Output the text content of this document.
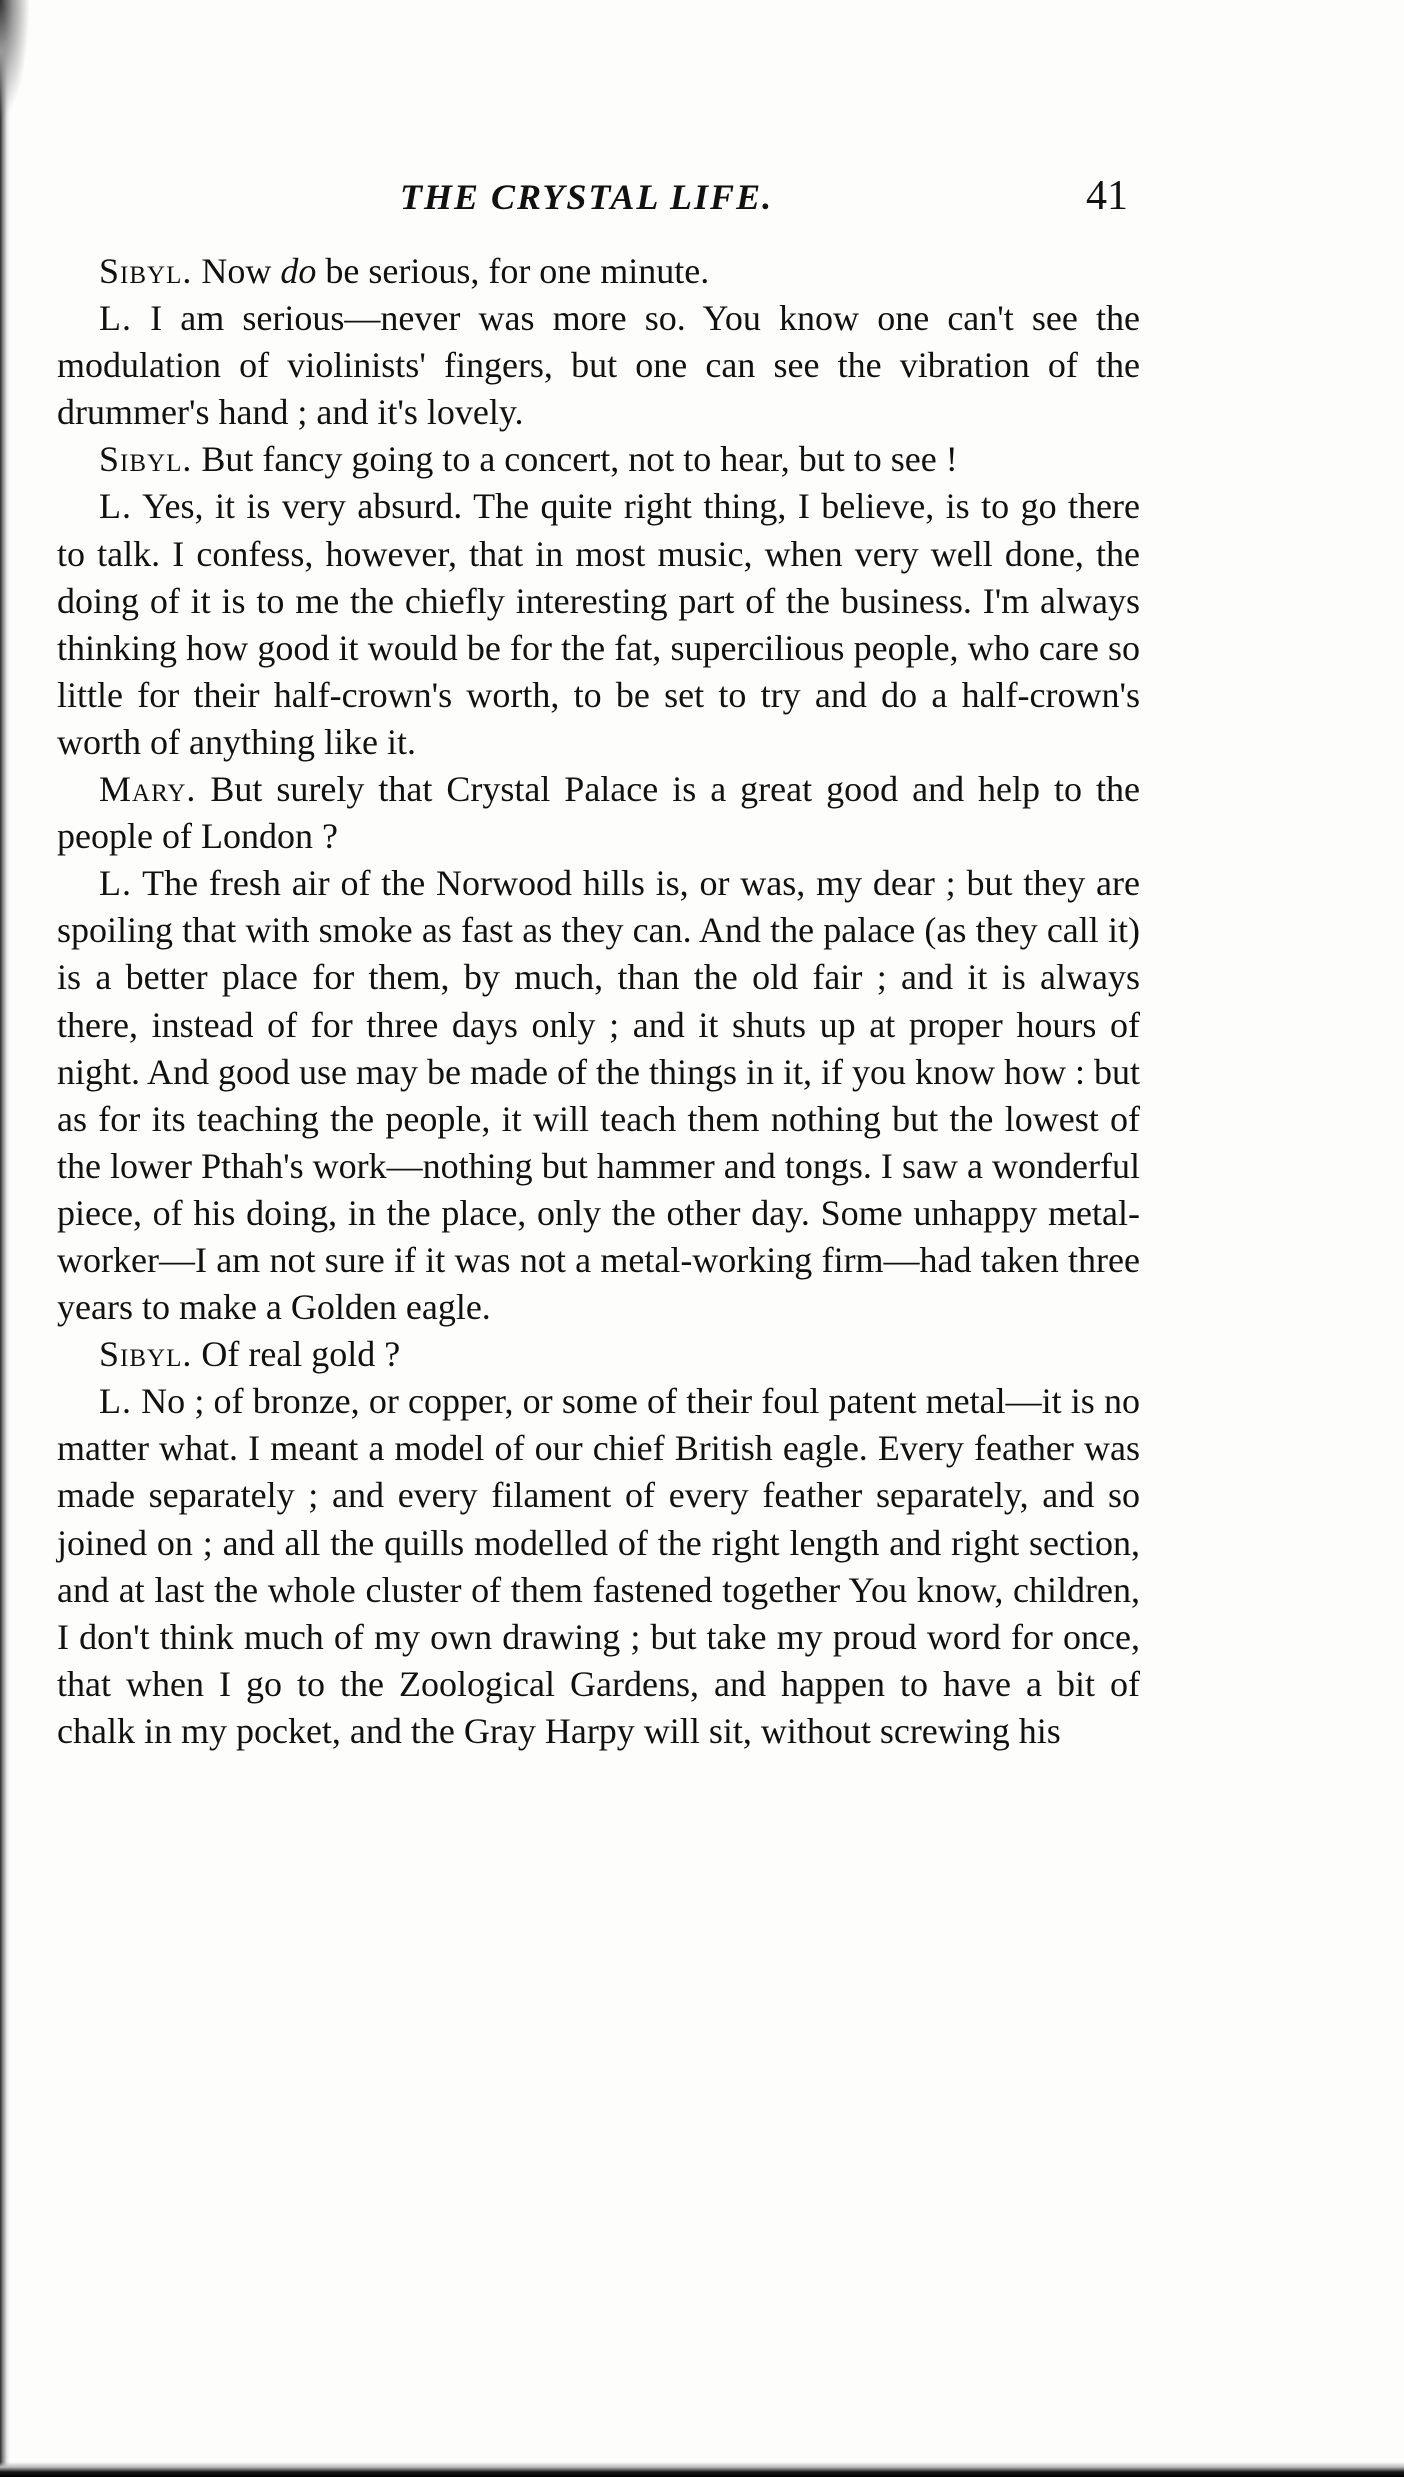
THE CRYSTAL LIFE.	41

Sibyl. Now do be serious, for one minute.

L. I am serious—never was more so. You know one can't see the modulation of violinists' fingers, but one can see the vibration of the drummer's hand ; and it's lovely.

Sibyl. But fancy going to a concert, not to hear, but to see !

L. Yes, it is very absurd. The quite right thing, I believe, is to go there to talk. I confess, however, that in most music, when very well done, the doing of it is to me the chiefly interesting part of the business. I'm always thinking how good it would be for the fat, supercilious people, who care so little for their half-crown's worth, to be set to try and do a half-crown's worth of anything like it.

Mary. But surely that Crystal Palace is a great good and help to the people of London ?

L. The fresh air of the Norwood hills is, or was, my dear ; but they are spoiling that with smoke as fast as they can. And the palace (as they call it) is a better place for them, by much, than the old fair ; and it is always there, instead of for three days only ; and it shuts up at proper hours of night. And good use may be made of the things in it, if you know how : but as for its teaching the people, it will teach them nothing but the lowest of the lower Pthah's work—nothing but hammer and tongs. I saw a wonderful piece, of his doing, in the place, only the other day. Some unhappy metal-worker—I am not sure if it was not a metal-working firm—had taken three years to make a Golden eagle.

Sibyl. Of real gold ?

L. No ; of bronze, or copper, or some of their foul patent metal—it is no matter what. I meant a model of our chief British eagle. Every feather was made separately ; and every filament of every feather separately, and so joined on ; and all the quills modelled of the right length and right section, and at last the whole cluster of them fastened together You know, children, I don't think much of my own drawing ; but take my proud word for once, that when I go to the Zoological Gardens, and happen to have a bit of chalk in my pocket, and the Gray Harpy will sit, without screwing his
